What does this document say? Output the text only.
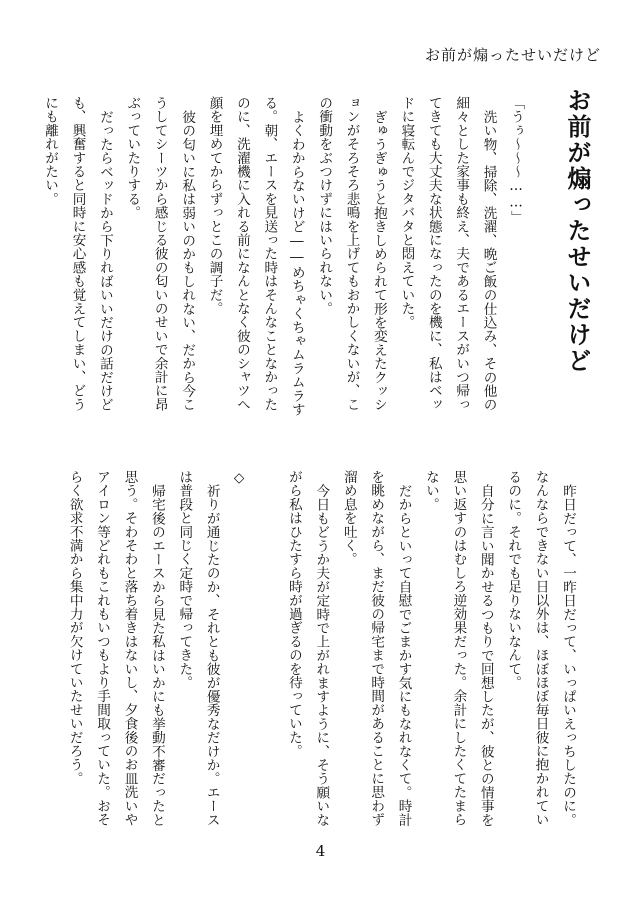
お前が煽ったせいだけど
お前が煽ったせいだけど

「うぅ〜〜〜……」

洗い物、掃除、洗濯、晩ご飯の仕込み、その他の細々とした家事も終え、夫であるエースがいつ帰ってきても大丈夫な状態になったのを機に、私はベッドに寝転んでジタバタと悶えていた。

ぎゅうぎゅうと抱きしめられて形を変えたクッションがそろそろ悲鳴を上げてもおかしくないが、この衝動をぶつけずにはいられない。

よくわからないけど――めちゃくちゃムラムラする。朝、エースを見送った時はそんなことなかったのに、洗濯機に入れる前になんとなく彼のシャツへ顔を埋めてからずっとこの調子だ。

彼の匂いに私は弱いのかもしれない、だから今こうしてシーツから感じる彼の匂いのせいで余計に昂ぶっていたりする。

だったらベッドから下りればいいだけの話だけども、興奮すると同時に安心感も覚えてしまい、どうにも離れがたい。

昨日だって、一昨日だって、いっぱいえっちしたのに。なんならできない日以外は、ほぼほぼ毎日彼に抱かれているのに。それでも足りないなんて。

自分に言い聞かせるつもりで回想したが、彼との情事を思い返すのはむしろ逆効果だった。余計にしたくてたまらない。

だからといって自慰でごまかす気にもなれなくて。時計を眺めながら、まだ彼の帰宅まで時間があることに思わず溜め息を吐く。

今日もどうか夫が定時で上がれますように、そう願いながら私はひたすら時が過ぎるのを待っていた。

◇

祈りが通じたのか、それとも彼が優秀なだけか。エースは普段と同じく定時で帰ってきた。

帰宅後のエースから見た私はいかにも挙動不審だったと思う。そわそわと落ち着きはないし、夕食後のお皿洗いやアイロン等どれもこれもいつもより手間取っていた。おそらく欲求不満から集中力が欠けていたせいだろう。

4
